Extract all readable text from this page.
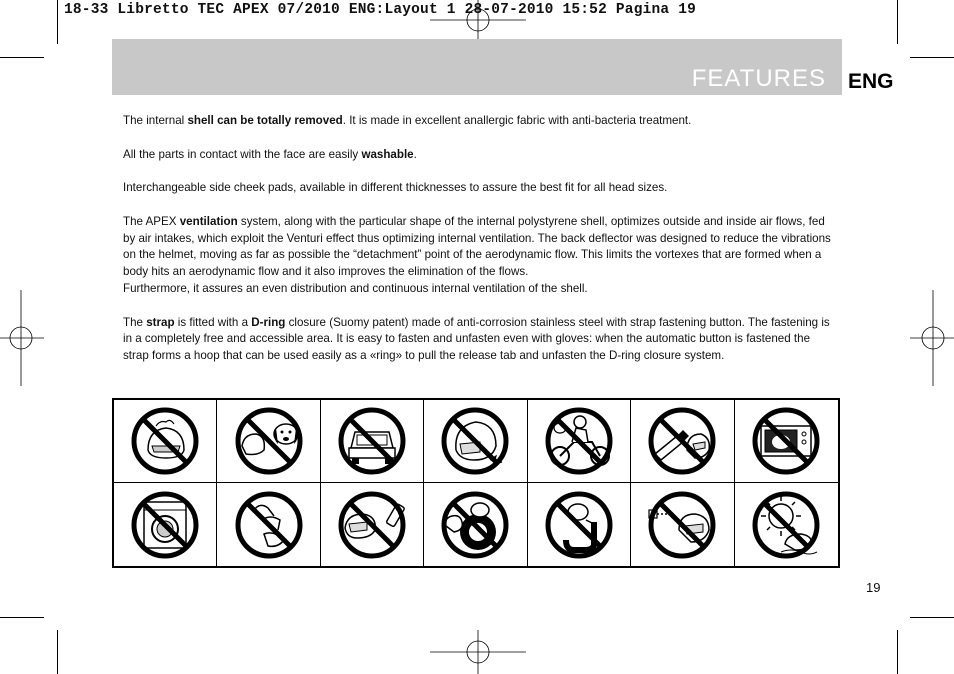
18-33 Libretto TEC APEX 07/2010 ENG:Layout 1 28-07-2010 15:52 Pagina 19
FEATURES ENG

The internal shell can be totally removed. It is made in excellent anallergic fabric with anti-bacteria treatment.

All the parts in contact with the face are easily washable.

Interchangeable side cheek pads, available in different thicknesses to assure the best fit for all head sizes.

The APEX ventilation system, along with the particular shape of the internal polystyrene shell, optimizes outside and inside air flows, fed by air intakes, which exploit the Venturi effect thus optimizing internal ventilation. The back deflector was designed to reduce the vibrations on the helmet, moving as far as possible the “detachment” point of the aerodynamic flow. This limits the vortexes that are formed when a body hits an aerodynamic flow and it also improves the elimination of the flows.

Furthermore, it assures an even distribution and continuous internal ventilation of the shell.

The strap is fitted with a D-ring closure (Suomy patent) made of anti-corrosion stainless steel with strap fastening button. The fastening is in a completely free and accessible area. It is easy to fasten and unfasten even with gloves: when the automatic button is fastened the strap forms a hoop that can be used easily as a «ring» to pull the release tab and unfasten the D-ring closure system.

19
